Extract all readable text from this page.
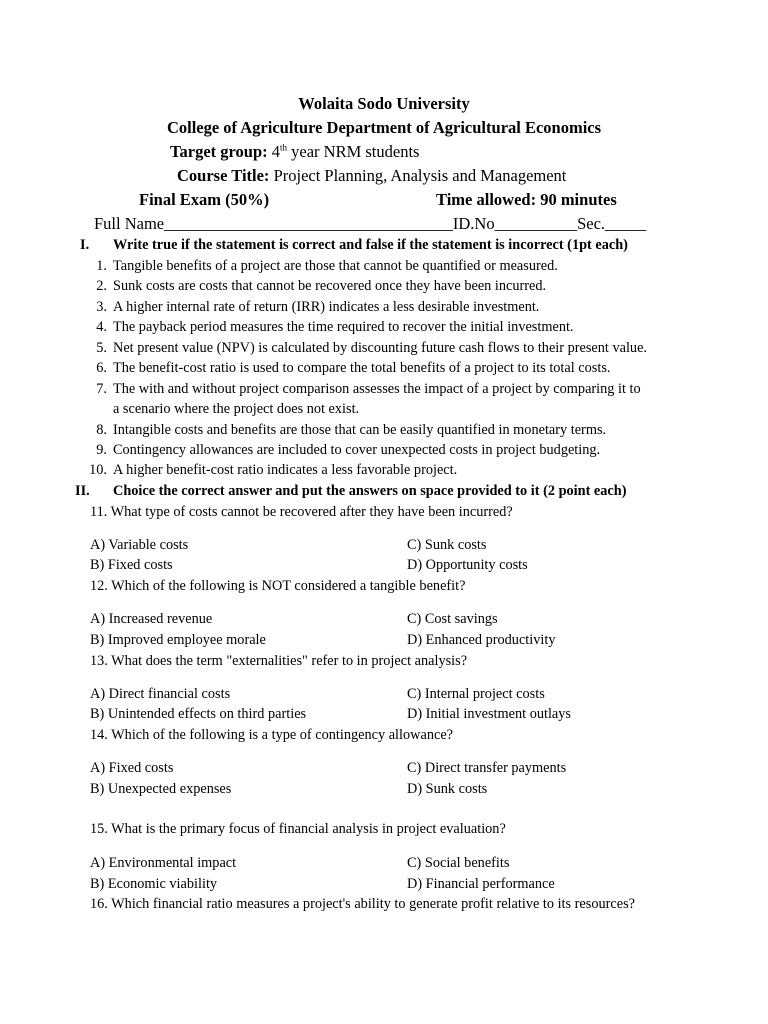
Wolaita Sodo University
College of Agriculture Department of Agricultural Economics
Target group: 4th year NRM students
Course Title: Project Planning, Analysis and Management
Final Exam (50%)	Time allowed: 90 minutes
Full Name___________________________________ID.No__________Sec._____
I. Write true if the statement is correct and false if the statement is incorrect (1pt each)
1. Tangible benefits of a project are those that cannot be quantified or measured.
2. Sunk costs are costs that cannot be recovered once they have been incurred.
3. A higher internal rate of return (IRR) indicates a less desirable investment.
4. The payback period measures the time required to recover the initial investment.
5. Net present value (NPV) is calculated by discounting future cash flows to their present value.
6. The benefit-cost ratio is used to compare the total benefits of a project to its total costs.
7. The with and without project comparison assesses the impact of a project by comparing it to
a scenario where the project does not exist.
8. Intangible costs and benefits are those that can be easily quantified in monetary terms.
9. Contingency allowances are included to cover unexpected costs in project budgeting.
10. A higher benefit-cost ratio indicates a less favorable project.
II. Choice the correct answer and put the answers on space provided to it (2 point each)
11. What type of costs cannot be recovered after they have been incurred?
A) Variable costs	C) Sunk costs
B) Fixed costs	D) Opportunity costs
12. Which of the following is NOT considered a tangible benefit?
A) Increased revenue	C) Cost savings
B) Improved employee morale	D) Enhanced productivity
13. What does the term "externalities" refer to in project analysis?
A) Direct financial costs	C) Internal project costs
B) Unintended effects on third parties	D) Initial investment outlays
14. Which of the following is a type of contingency allowance?
A) Fixed costs	C) Direct transfer payments
B) Unexpected expenses	D) Sunk costs
15. What is the primary focus of financial analysis in project evaluation?
A) Environmental impact	C) Social benefits
B) Economic viability	D) Financial performance
16. Which financial ratio measures a project's ability to generate profit relative to its resources?
